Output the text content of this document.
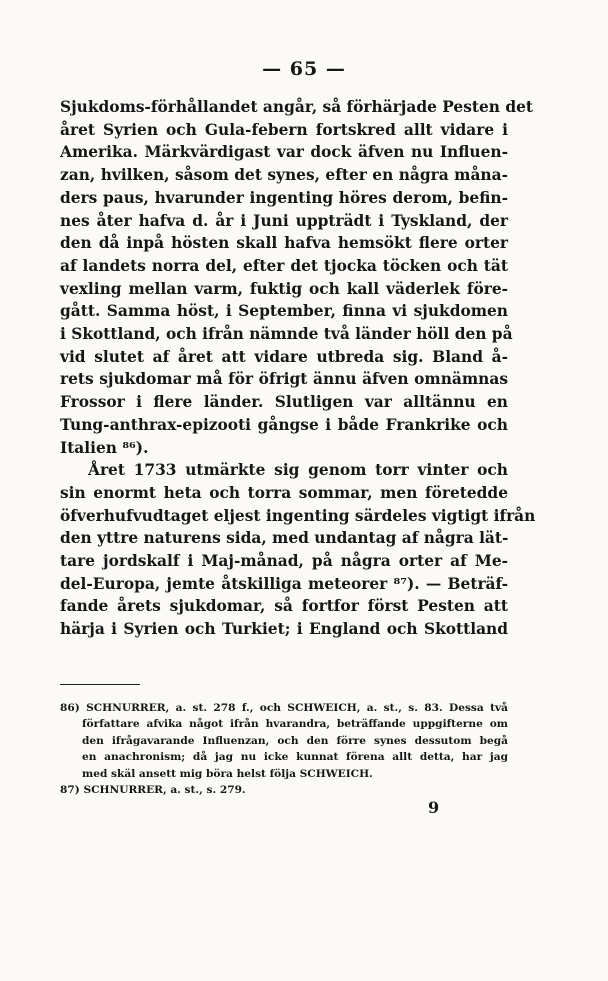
— 65 —
Sjukdoms-förhållandet angår, så förhärjade Pesten det
året Syrien och Gula-febern fortskred allt vidare i
Amerika. Märkvärdigast var dock äfven nu Influen-
zan, hvilken, såsom det synes, efter en några måna-
ders paus, hvarunder ingenting höres derom, befin-
nes åter hafva d. år i Juni uppträdt i Tyskland, der
den då inpå hösten skall hafva hemsökt flere orter
af landets norra del, efter det tjocka töcken och tät
vexling mellan varm, fuktig och kall väderlek före-
gått. Samma höst, i September, finna vi sjukdomen
i Skottland, och ifrån nämnde två länder höll den på
vid slutet af året att vidare utbreda sig. Bland å-
rets sjukdomar må för öfrigt ännu äfven omnämnas
Frossor i flere länder. Slutligen var alltännu en
Tung-anthrax-epizooti gångse i både Frankrike och
Italien ⁸⁶).
Året 1733 utmärkte sig genom torr vinter och
sin enormt heta och torra sommar, men företedde
öfverhufvudtaget eljest ingenting särdeles vigtigt ifrån
den yttre naturens sida, med undantag af några lät-
tare jordskalf i Maj-månad, på några orter af Me-
del-Europa, jemte åtskilliga meteorer ⁸⁷). — Beträf-
fande årets sjukdomar, så fortfor först Pesten att
härja i Syrien och Turkiet; i England och Skottland
86) SCHNURRER, a. st. 278 f., och SCHWEICH, a. st., s. 83. Dessa två
författare afvika något ifrån hvarandra, beträffande uppgifterne om
den ifrågavarande Influenzan, och den förre synes dessutom begå
en anachronism; då jag nu icke kunnat förena allt detta, har jag
med skäl ansett mig böra helst följa SCHWEICH.
87) SCHNURRER, a. st., s. 279.
9
